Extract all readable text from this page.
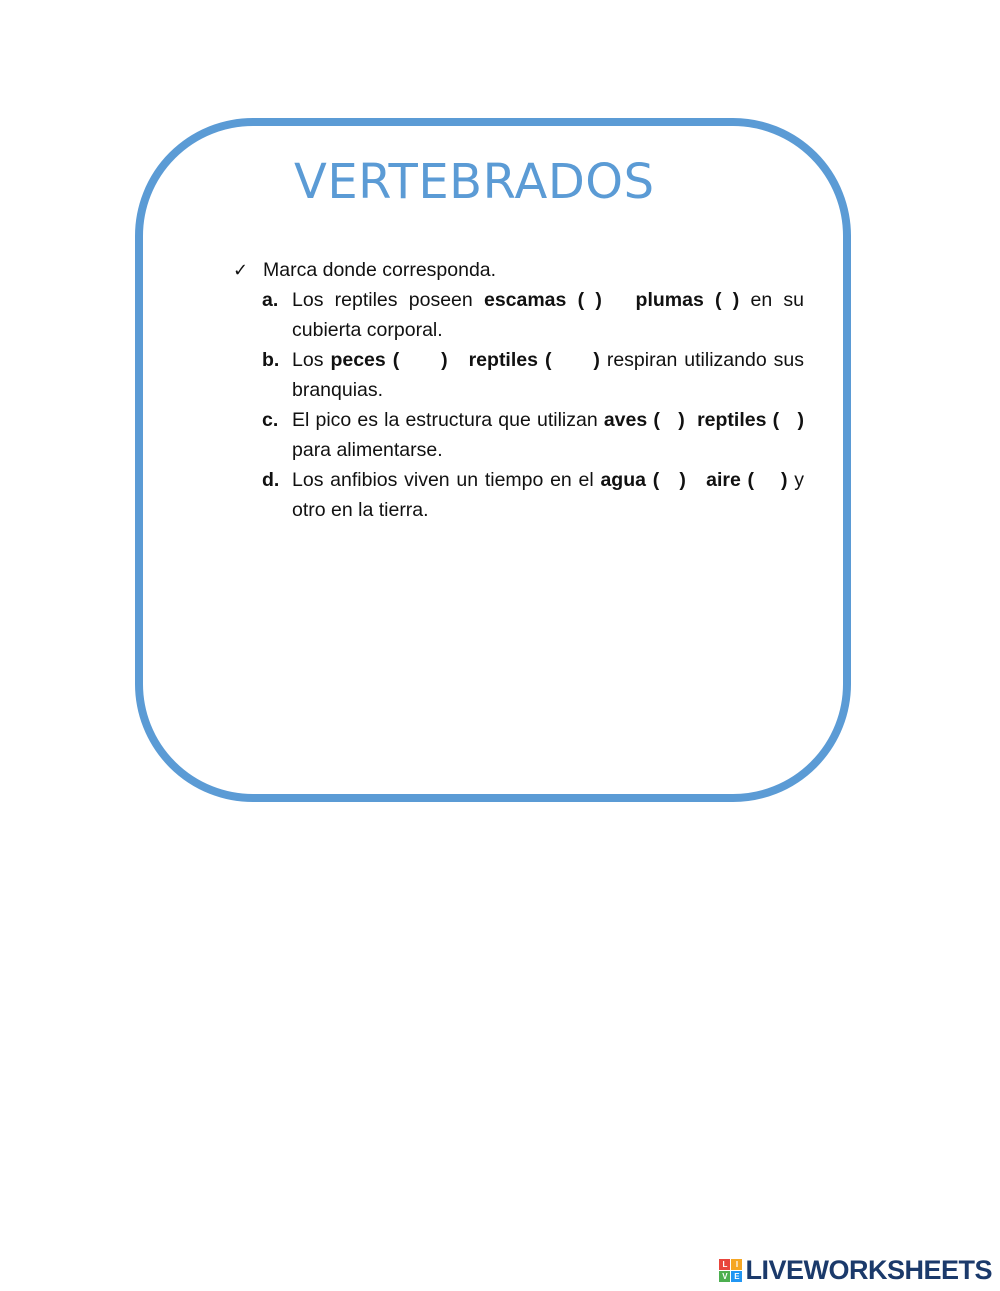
VERTEBRADOS
✓ Marca donde corresponda.
a. Los reptiles poseen escamas ( ) plumas ( ) en su cubierta corporal.
b. Los peces (      ) reptiles (      ) respiran utilizando sus branquias.
c. El pico es la estructura que utilizan aves (   ) reptiles (   ) para alimentarse.
d. Los anfibios viven un tiempo en el agua (   ) aire (    ) y otro en la tierra.
L	I
V E LIVEWORKSHEETS
